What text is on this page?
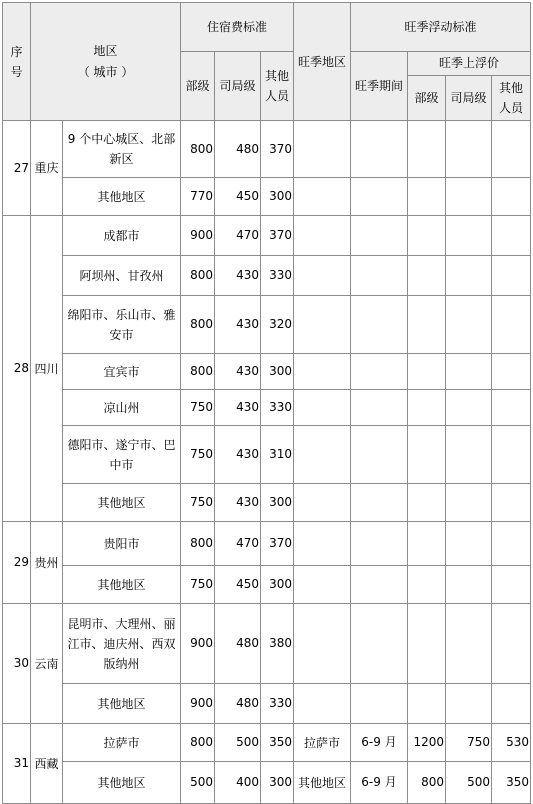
序号	地区
（ 城市 ）		住宿费标准			旺季地区	旺季浮动标准			
			部级	司局级	其他人员		旺季期间	旺季上浮价		
								部级	司局级	其他人员
27	重庆	9 个中心城区、北部新区	800	480	370					
		其他地区	770	450	300					
28	四川	成都市	900	470	370					
		阿坝州、甘孜州	800	430	330					
		绵阳市、乐山市、雅安市	800	430	320					
		宜宾市	800	430	300					
		凉山州	750	430	330					
		德阳市、遂宁市、巴中市	750	430	310					
		其他地区	750	430	300					
29	贵州	贵阳市	800	470	370					
		其他地区	750	450	300					
30	云南	昆明市、大理州、丽江市、迪庆州、西双版纳州	900	480	380					
		其他地区	900	480	330					
31	西藏	拉萨市	800	500	350	拉萨市	6-9 月	1200	750	530
		其他地区	500	400	300	其他地区	6-9 月	800	500	350
